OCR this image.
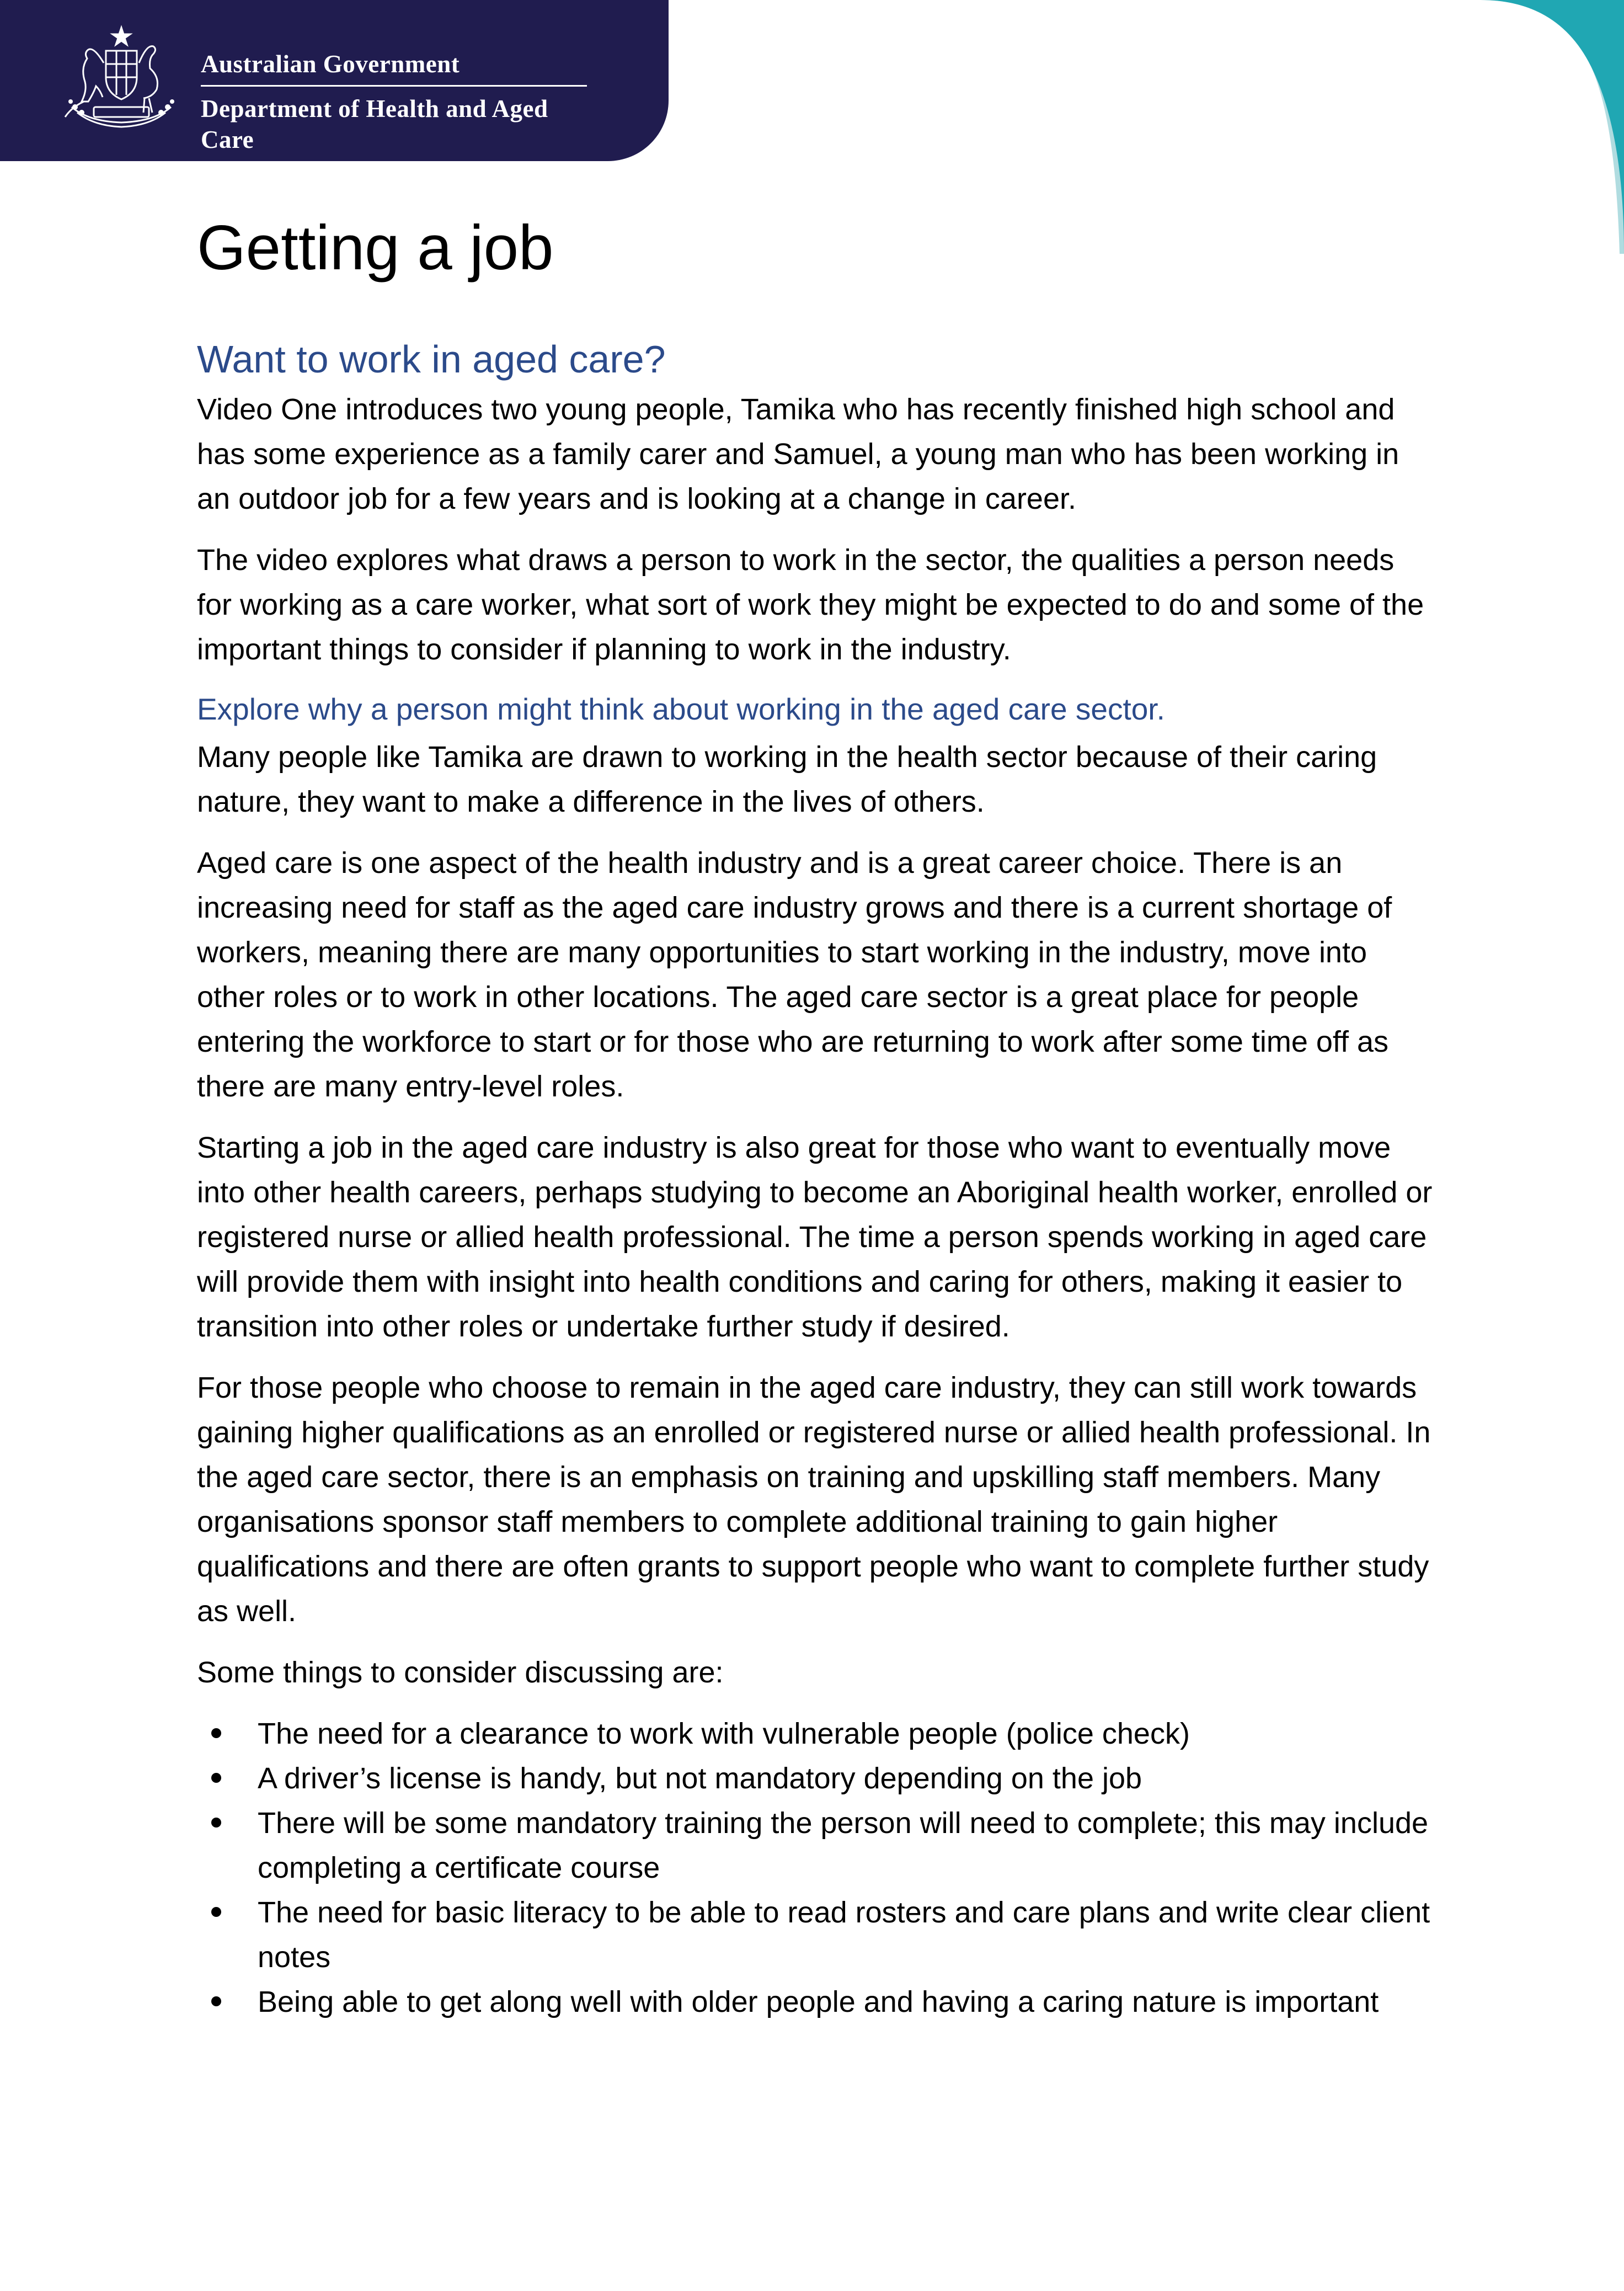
Australian Government
Department of Health and Aged Care
Getting a job
Want to work in aged care?

Video One introduces two young people, Tamika who has recently finished high school and has some experience as a family carer and Samuel, a young man who has been working in an outdoor job for a few years and is looking at a change in career.

The video explores what draws a person to work in the sector, the qualities a person needs for working as a care worker, what sort of work they might be expected to do and some of the important things to consider if planning to work in the industry.

Explore why a person might think about working in the aged care sector.

Many people like Tamika are drawn to working in the health sector because of their caring nature, they want to make a difference in the lives of others.

Aged care is one aspect of the health industry and is a great career choice. There is an increasing need for staff as the aged care industry grows and there is a current shortage of workers, meaning there are many opportunities to start working in the industry, move into other roles or to work in other locations. The aged care sector is a great place for people entering the workforce to start or for those who are returning to work after some time off as there are many entry-level roles.

Starting a job in the aged care industry is also great for those who want to eventually move into other health careers, perhaps studying to become an Aboriginal health worker, enrolled or registered nurse or allied health professional. The time a person spends working in aged care will provide them with insight into health conditions and caring for others, making it easier to transition into other roles or undertake further study if desired.

For those people who choose to remain in the aged care industry, they can still work towards gaining higher qualifications as an enrolled or registered nurse or allied health professional. In the aged care sector, there is an emphasis on training and upskilling staff members. Many organisations sponsor staff members to complete additional training to gain higher qualifications and there are often grants to support people who want to complete further study as well.

Some things to consider discussing are:

The need for a clearance to work with vulnerable people (police check)
A driver’s license is handy, but not mandatory depending on the job
There will be some mandatory training the person will need to complete; this may include completing a certificate course
The need for basic literacy to be able to read rosters and care plans and write clear client notes
Being able to get along well with older people and having a caring nature is important
